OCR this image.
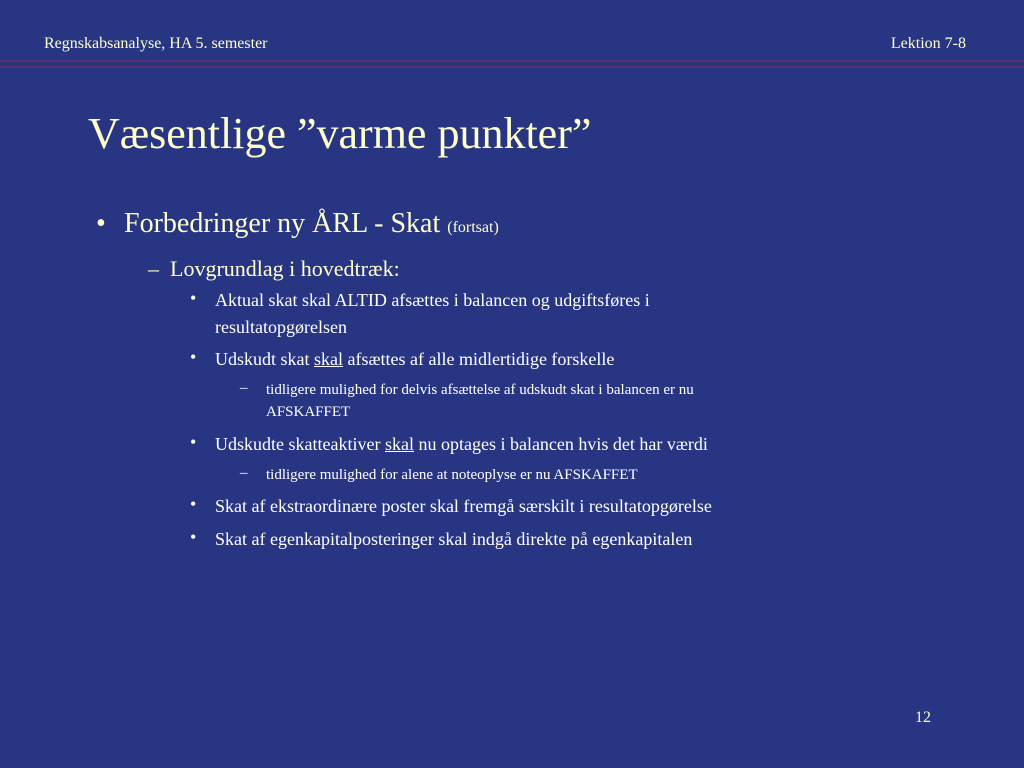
Regnskabsanalyse, HA 5. semester	Lektion 7-8
Væsentlige ”varme punkter”
• Forbedringer ny ÅRL - Skat (fortsat)
– Lovgrundlag i hovedtræk:
• Aktual skat skal ALTID afsættes i balancen og udgiftsføres i
resultatopgørelsen
• Udskudt skat skal afsættes af alle midlertidige forskelle
– tidligere mulighed for delvis afsættelse af udskudt skat i balancen er nu
AFSKAFFET
• Udskudte skatteaktiver skal nu optages i balancen hvis det har værdi
– tidligere mulighed for alene at noteoplyse er nu AFSKAFFET
• Skat af ekstraordinære poster skal fremgå særskilt i resultatopgørelse
• Skat af egenkapitalposteringer skal indgå direkte på egenkapitalen
12
